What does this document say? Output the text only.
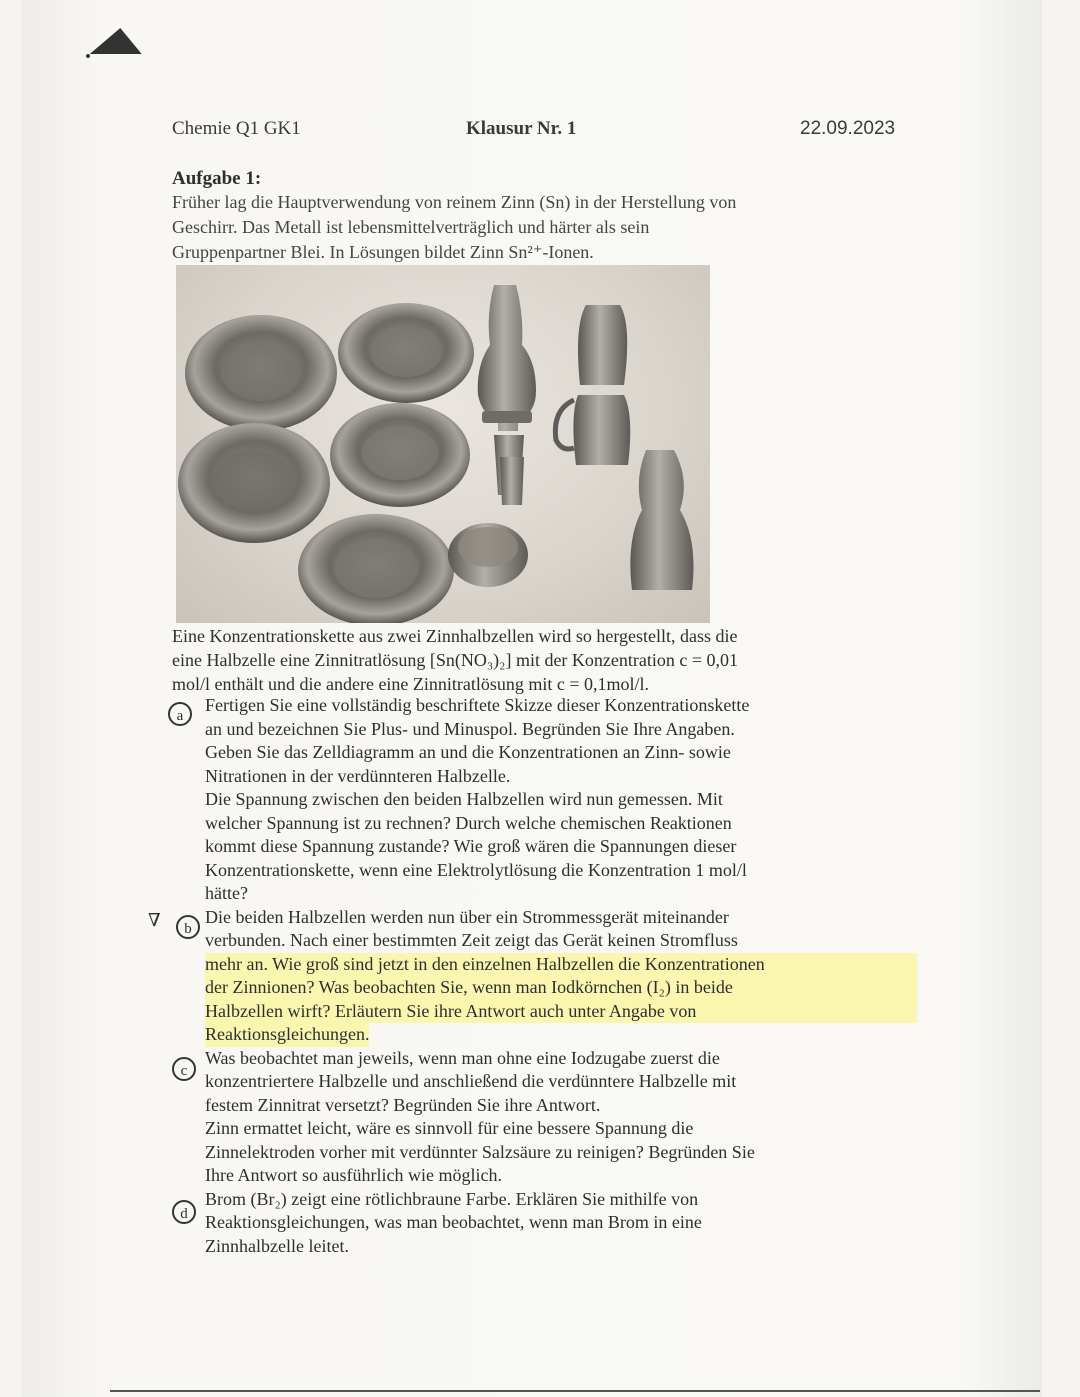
Chemie Q1 GK1	Klausur Nr. 1	22.09.2023
Aufgabe 1:
Früher lag die Hauptverwendung von reinem Zinn (Sn) in der Herstellung von
Geschirr. Das Metall ist lebensmittelverträglich und härter als sein
Gruppenpartner Blei. In Lösungen bildet Zinn Sn²⁺-Ionen.
Eine Konzentrationskette aus zwei Zinnhalbzellen wird so hergestellt, dass die
eine Halbzelle eine Zinnitratlösung [Sn(NO₃)₂] mit der Konzentration c = 0,01
mol/l enthält und die andere eine Zinnitratlösung mit c = 0,1mol/l.
a
∇	b
c
d
Fertigen Sie eine vollständig beschriftete Skizze dieser Konzentrationskette
an und bezeichnen Sie Plus- und Minuspol. Begründen Sie Ihre Angaben.
Geben Sie das Zelldiagramm an und die Konzentrationen an Zinn- sowie
Nitrationen in der verdünnteren Halbzelle.
Die Spannung zwischen den beiden Halbzellen wird nun gemessen. Mit
welcher Spannung ist zu rechnen? Durch welche chemischen Reaktionen
kommt diese Spannung zustande? Wie groß wären die Spannungen dieser
Konzentrationskette, wenn eine Elektrolytlösung die Konzentration 1 mol/l
hätte?
Die beiden Halbzellen werden nun über ein Strommessgerät miteinander
verbunden. Nach einer bestimmten Zeit zeigt das Gerät keinen Stromfluss
mehr an. Wie groß sind jetzt in den einzelnen Halbzellen die Konzentrationen
der Zinnionen? Was beobachten Sie, wenn man Iodkörnchen (I₂) in beide
Halbzellen wirft? Erläutern Sie ihre Antwort auch unter Angabe von
Reaktionsgleichungen.
Was beobachtet man jeweils, wenn man ohne eine Iodzugabe zuerst die
konzentriertere Halbzelle und anschließend die verdünntere Halbzelle mit
festem Zinnitrat versetzt? Begründen Sie ihre Antwort.
Zinn ermattet leicht, wäre es sinnvoll für eine bessere Spannung die
Zinnelektroden vorher mit verdünnter Salzsäure zu reinigen? Begründen Sie
Ihre Antwort so ausführlich wie möglich.
Brom (Br₂) zeigt eine rötlichbraune Farbe. Erklären Sie mithilfe von
Reaktionsgleichungen, was man beobachtet, wenn man Brom in eine
Zinnhalbzelle leitet.
